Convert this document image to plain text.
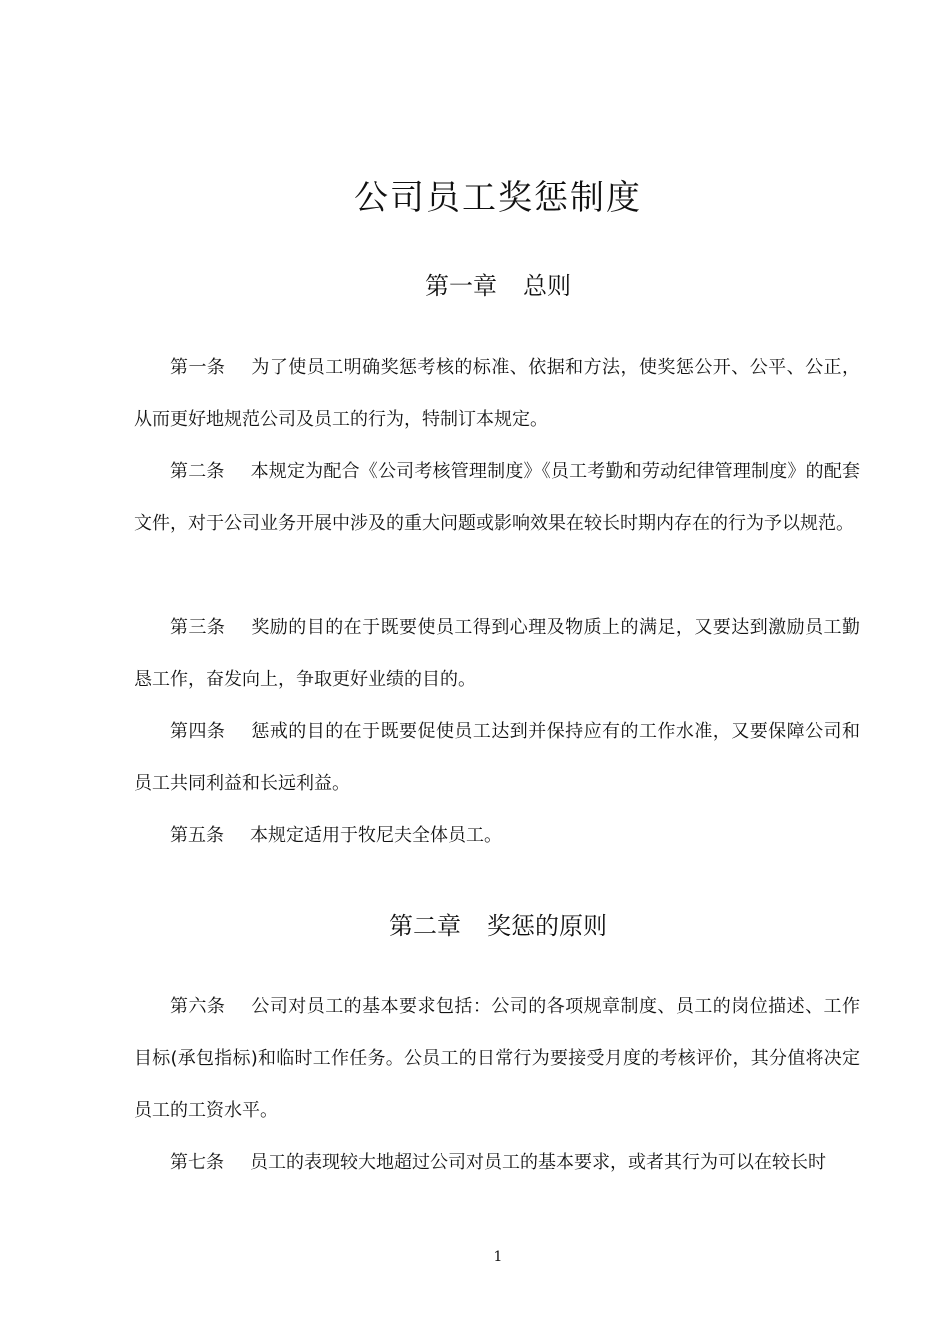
公司员工奖惩制度
第一章 总则
第一条 为了使员工明确奖惩考核的标准、依据和方法，使奖惩公开、公平、公正，从而更好地规范公司及员工的行为，特制订本规定。
第二条 本规定为配合《公司考核管理制度》《员工考勤和劳动纪律管理制度》的配套文件，对于公司业务开展中涉及的重大问题或影响效果在较长时期内存在的行为予以规范。
第三条 奖励的目的在于既要使员工得到心理及物质上的满足，又要达到激励员工勤恳工作，奋发向上，争取更好业绩的目的。
第四条 惩戒的目的在于既要促使员工达到并保持应有的工作水准，又要保障公司和员工共同利益和长远利益。
第五条 本规定适用于牧尼夫全体员工。
第二章 奖惩的原则
第六条 公司对员工的基本要求包括：公司的各项规章制度、员工的岗位描述、工作目标(承包指标)和临时工作任务。公员工的日常行为要接受月度的考核评价，其分值将决定员工的工资水平。
第七条 员工的表现较大地超过公司对员工的基本要求，或者其行为可以在较长时
1
